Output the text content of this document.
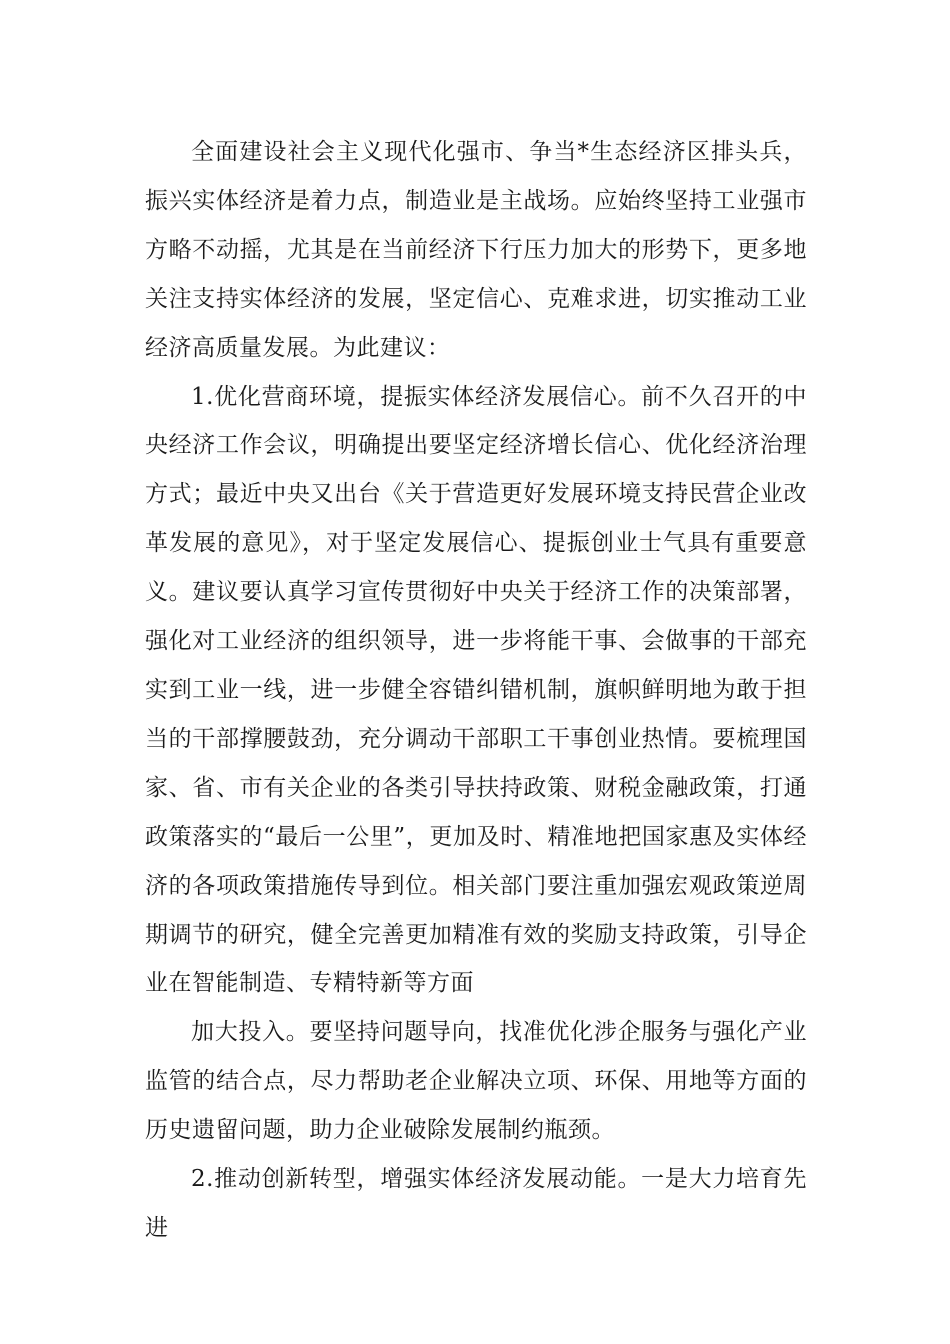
全面建设社会主义现代化强市、争当*生态经济区排头兵，振兴实体经济是着力点，制造业是主战场。应始终坚持工业强市方略不动摇，尤其是在当前经济下行压力加大的形势下，更多地关注支持实体经济的发展，坚定信心、克难求进，切实推动工业经济高质量发展。为此建议：

1.优化营商环境，提振实体经济发展信心。前不久召开的中央经济工作会议，明确提出要坚定经济增长信心、优化经济治理方式；最近中央又出台《关于营造更好发展环境支持民营企业改革发展的意见》，对于坚定发展信心、提振创业士气具有重要意义。建议要认真学习宣传贯彻好中央关于经济工作的决策部署，强化对工业经济的组织领导，进一步将能干事、会做事的干部充实到工业一线，进一步健全容错纠错机制，旗帜鲜明地为敢于担当的干部撑腰鼓劲，充分调动干部职工干事创业热情。要梳理国家、省、市有关企业的各类引导扶持政策、财税金融政策，打通政策落实的“最后一公里”，更加及时、精准地把国家惠及实体经济的各项政策措施传导到位。相关部门要注重加强宏观政策逆周期调节的研究，健全完善更加精准有效的奖励支持政策，引导企业在智能制造、专精特新等方面

加大投入。要坚持问题导向，找准优化涉企服务与强化产业监管的结合点，尽力帮助老企业解决立项、环保、用地等方面的历史遗留问题，助力企业破除发展制约瓶颈。

2.推动创新转型，增强实体经济发展动能。一是大力培育先进
